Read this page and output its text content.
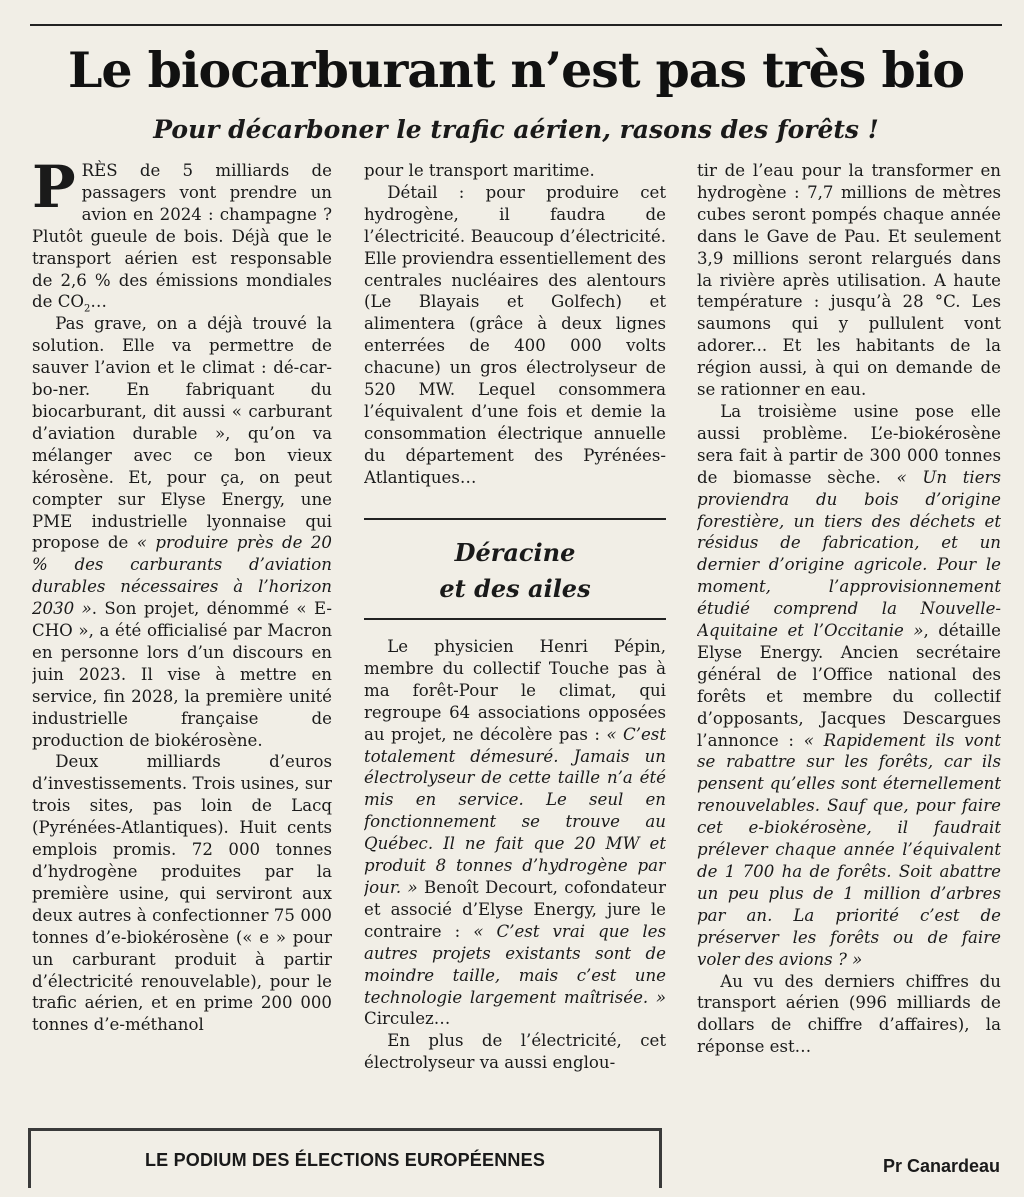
Le biocarburant n’est pas très bio
Pour décarboner le trafic aérien, rasons des forêts !

PRÈS de 5 milliards de passagers vont prendre un avion en 2024 : champagne ? Plutôt gueule de bois. Déjà que le transport aérien est responsable de 2,6 % des émissions mondiales de $CO_2\dots$

Pas grave, on a déjà trouvé la solution. Elle va permettre de sauver l’avion et le climat : dé-car-bo-ner. En fabriquant du biocarburant, dit aussi « carburant d’aviation durable », qu’on va mélanger avec ce bon vieux kérosène. Et, pour ça, on peut compter sur Elyse Energy, une PME industrielle lyonnaise qui propose de « produire près de 20 % des carburants d’aviation durables nécessaires à l’horizon 2030 ». Son projet, dénommé « E-CHO », a été officialisé par Macron en personne lors d’un discours en juin 2023. Il vise à mettre en service, fin 2028, la première unité industrielle française de production de biokérosène.

Deux milliards d’euros d’investissements. Trois usines, sur trois sites, pas loin de Lacq (Pyrénées-Atlantiques). Huit cents emplois promis. 72 000 tonnes d’hydrogène produites par la première usine, qui serviront aux deux autres à confectionner 75 000 tonnes d’e-biokérosène (« e » pour un carburant produit à partir d’électricité renouvelable), pour le trafic aérien, et en prime 200 000 tonnes d’e-méthanol

pour le transport maritime.

Détail : pour produire cet hydrogène, il faudra de l’électricité. Beaucoup d’électricité. Elle proviendra essentiellement des centrales nucléaires des alentours (Le Blayais et Golfech) et alimentera (grâce à deux lignes enterrées de 400 000 volts chacune) un gros électrolyseur de 520 MW. Lequel consommera l’équivalent d’une fois et demie la consommation électrique annuelle du département des Pyrénées-Atlantiques…

Déracine
et des ailes

Le physicien Henri Pépin, membre du collectif Touche pas à ma forêt-Pour le climat, qui regroupe 64 associations opposées au projet, ne décolère pas : « C’est totalement démesuré. Jamais un électrolyseur de cette taille n’a été mis en service. Le seul en fonctionnement se trouve au Québec. Il ne fait que 20 MW et produit 8 tonnes d’hydrogène par jour. » Benoît Decourt, cofondateur et associé d’Elyse Energy, jure le contraire : « C’est vrai que les autres projets existants sont de moindre taille, mais c’est une technologie largement maîtrisée. » Circulez…

En plus de l’électricité, cet électrolyseur va aussi englou-

tir de l’eau pour la transformer en hydrogène : 7,7 millions de mètres cubes seront pompés chaque année dans le Gave de Pau. Et seulement 3,9 millions seront relargués dans la rivière après utilisation. A haute température : jusqu’à 28 °C. Les saumons qui y pullulent vont adorer... Et les habitants de la région aussi, à qui on demande de se rationner en eau.

La troisième usine pose elle aussi problème. L’e-biokérosène sera fait à partir de 300 000 tonnes de biomasse sèche. « Un tiers proviendra du bois d’origine forestière, un tiers des déchets et résidus de fabrication, et un dernier d’origine agricole. Pour le moment, l’approvisionnement étudié comprend la Nouvelle-Aquitaine et l’Occitanie », détaille Elyse Energy. Ancien secrétaire général de l’Office national des forêts et membre du collectif d’opposants, Jacques Descargues l’annonce : « Rapidement ils vont se rabattre sur les forêts, car ils pensent qu’elles sont éternellement renouvelables. Sauf que, pour faire cet e-biokérosène, il faudrait prélever chaque année l’équivalent de 1 700 ha de forêts. Soit abattre un peu plus de 1 million d’arbres par an. La priorité c’est de préserver les forêts ou de faire voler des avions ? »

Au vu des derniers chiffres du transport aérien (996 milliards de dollars de chiffre d’affaires), la réponse est…

LE PODIUM DES ÉLECTIONS EUROPÉENNES	Pr Canardeau
